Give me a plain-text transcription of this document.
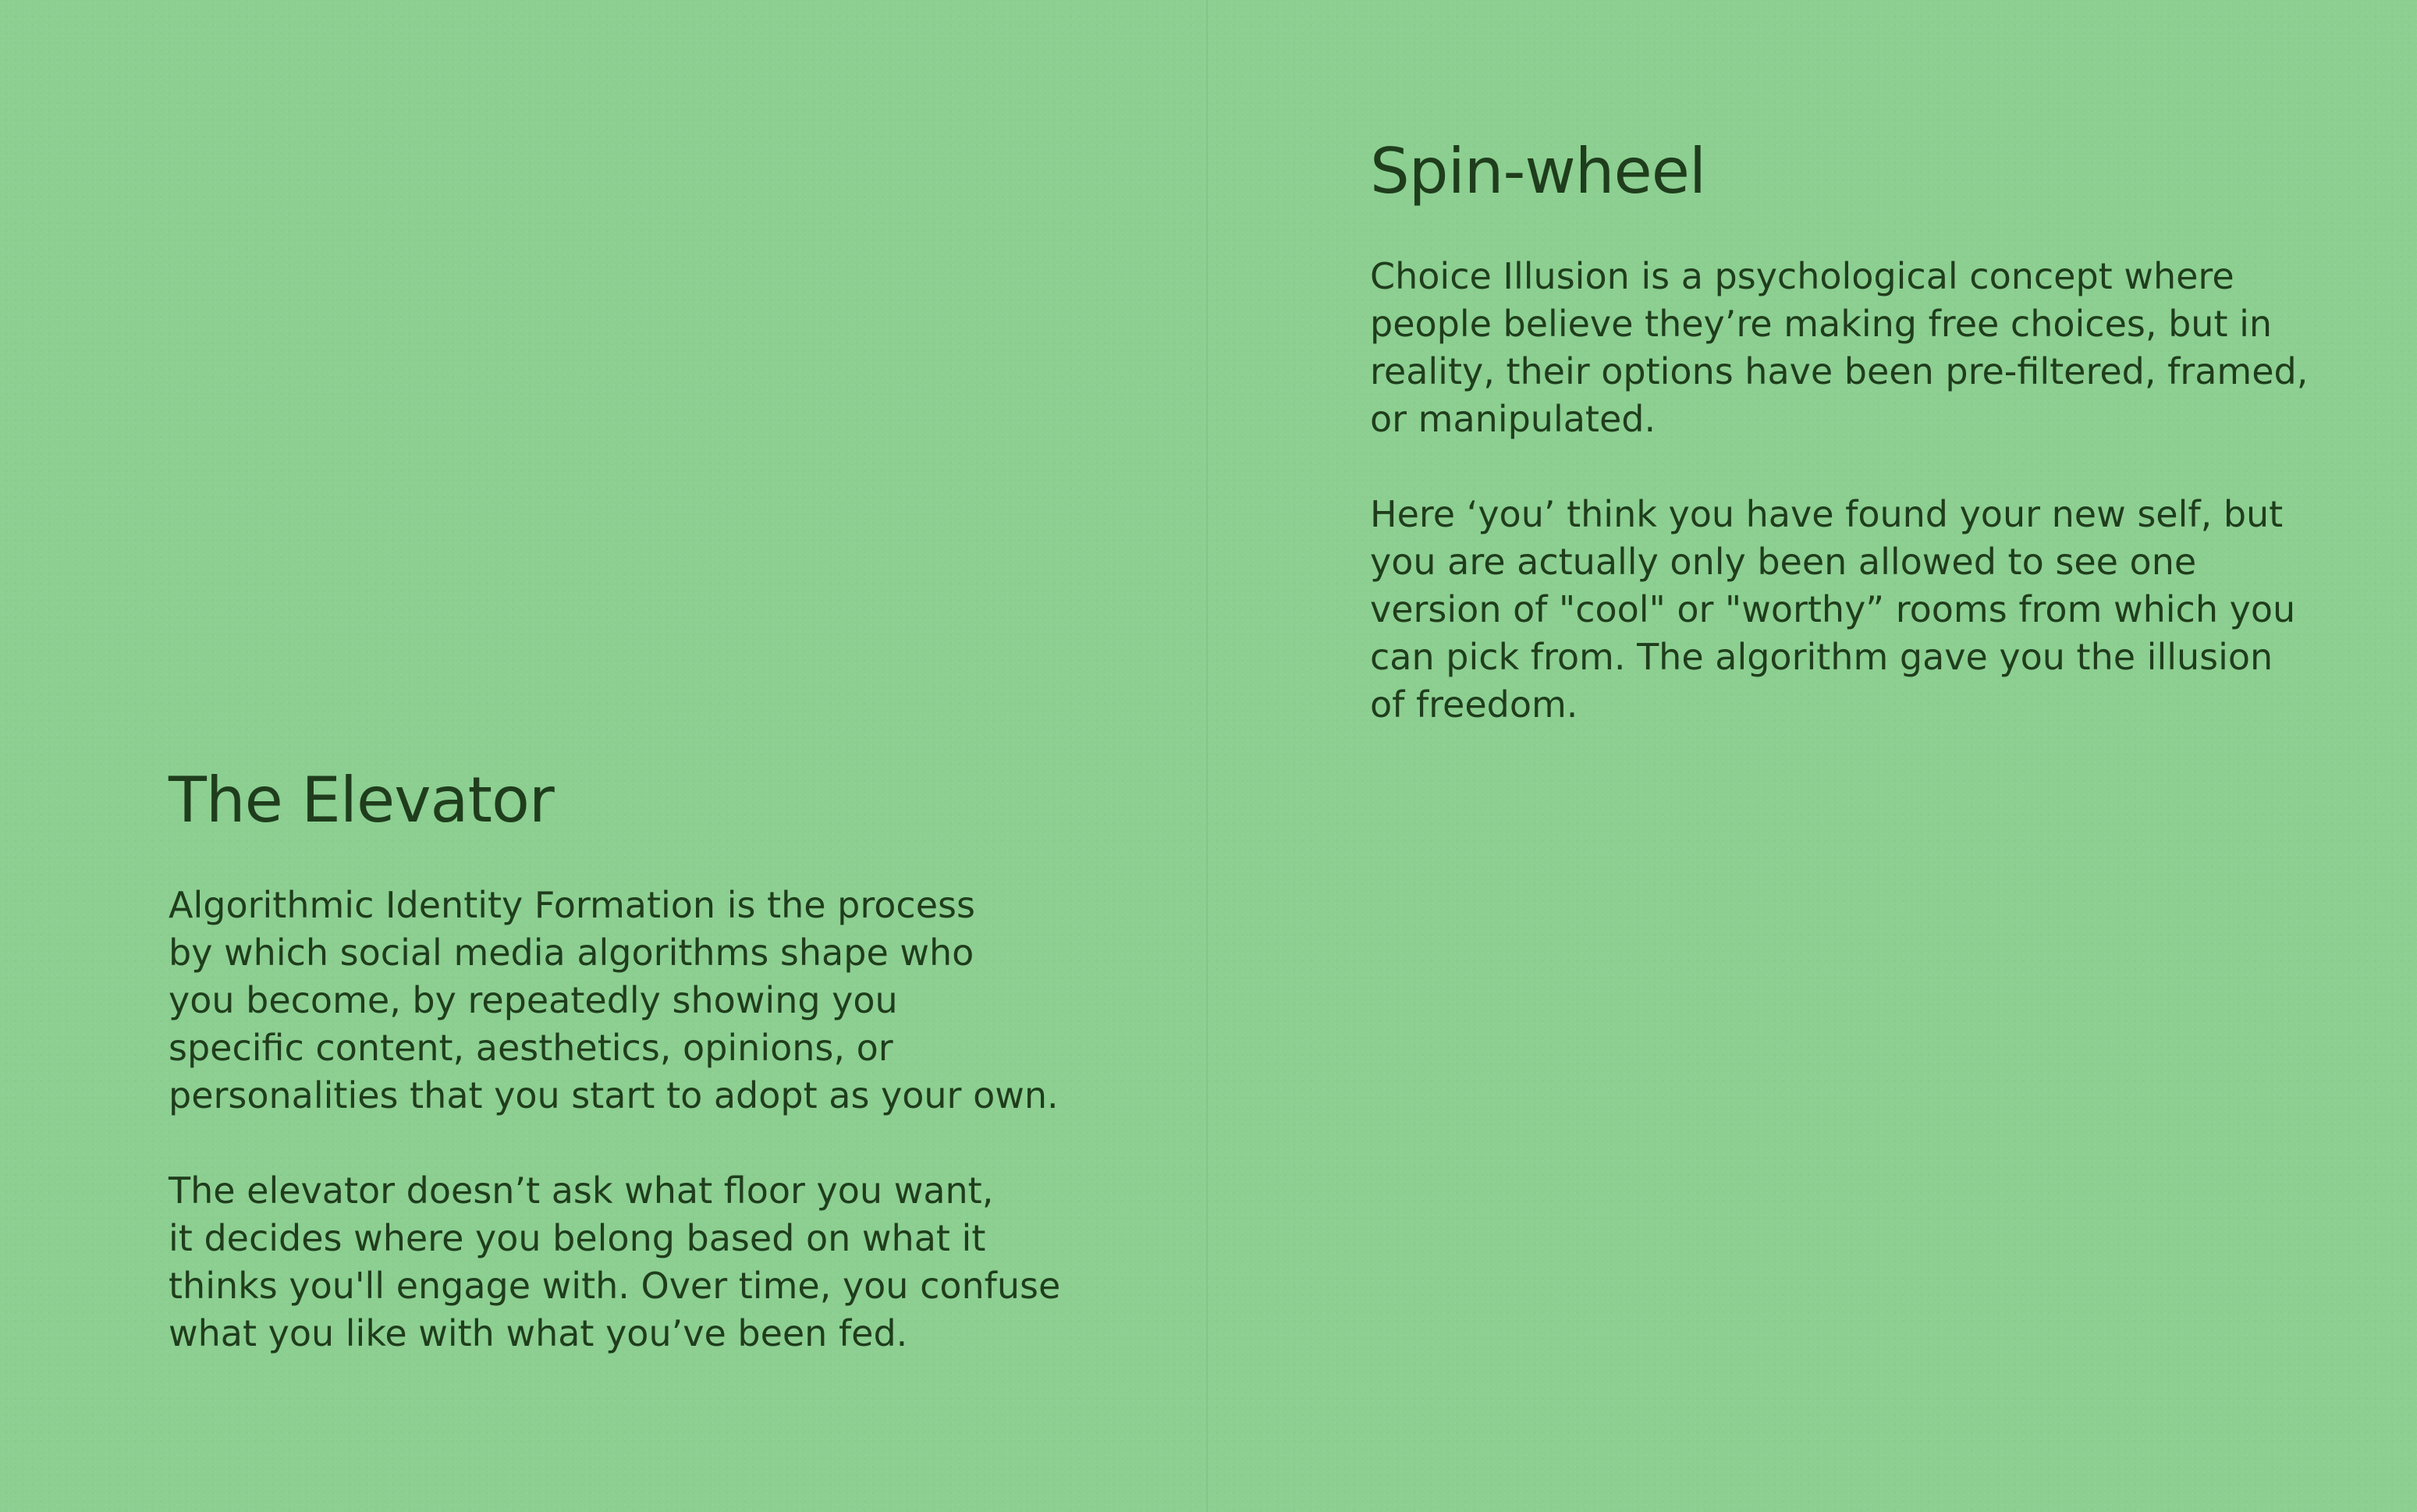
The Elevator

Algorithmic Identity Formation is the process
by which social media algorithms shape who
you become, by repeatedly showing you
specific content, aesthetics, opinions, or
personalities that you start to adopt as your own.

The elevator doesn’t ask what floor you want,
it decides where you belong based on what it
thinks you'll engage with. Over time, you confuse
what you like with what you’ve been fed.

Spin-wheel

Choice Illusion is a psychological concept where
people believe they’re making free choices, but in
reality, their options have been pre-filtered, framed,
or manipulated.

Here ‘you’ think you have found your new self, but
you are actually only been allowed to see one
version of "cool" or "worthy” rooms from which you
can pick from. The algorithm gave you the illusion
of freedom.
